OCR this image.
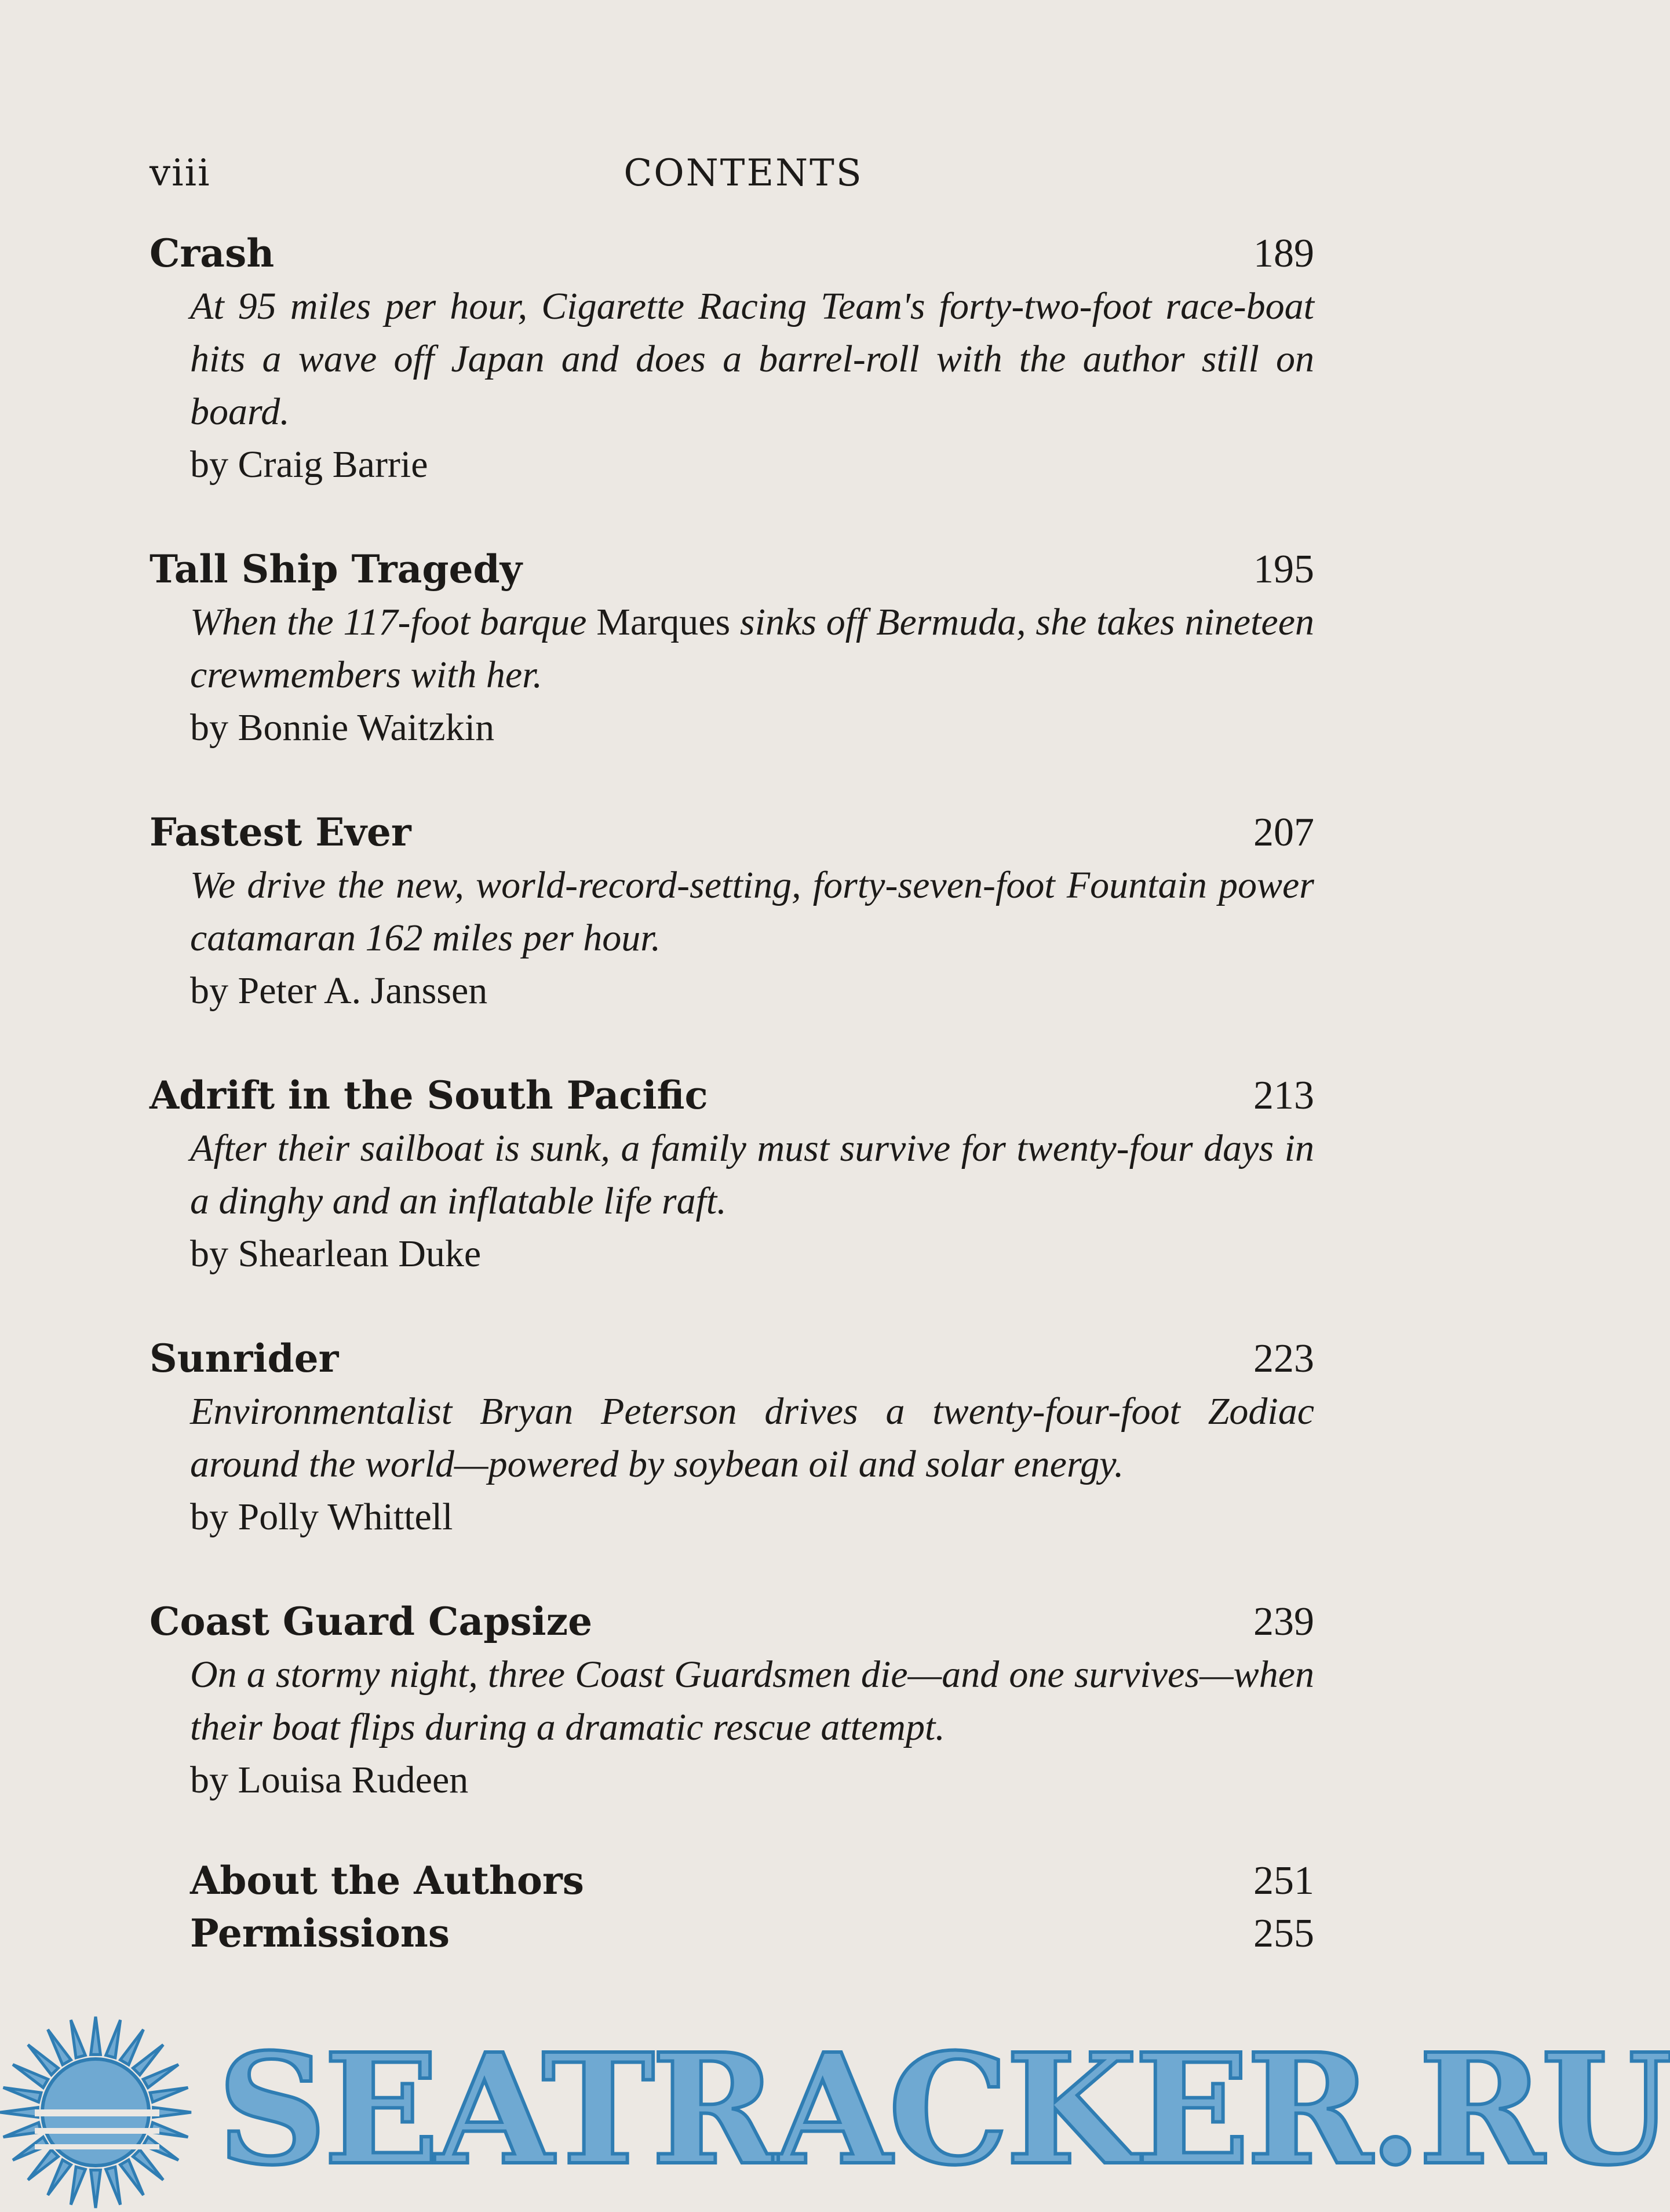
viii	CONTENTS
Crash	189
At 95 miles per hour, Cigarette Racing Team's forty-two-foot race-boat hits a wave off Japan and does a barrel-roll with the author still on board.
by Craig Barrie
Tall Ship Tragedy	195
When the 117-foot barque Marques sinks off Bermuda, she takes nineteen crewmembers with her.
by Bonnie Waitzkin
Fastest Ever	207
We drive the new, world-record-setting, forty-seven-foot Fountain power catamaran 162 miles per hour.
by Peter A. Janssen
Adrift in the South Pacific	213
After their sailboat is sunk, a family must survive for twenty-four days in a dinghy and an inflatable life raft.
by Shearlean Duke
Sunrider	223
Environmentalist Bryan Peterson drives a twenty-four-foot Zodiac around the world—powered by soybean oil and solar energy.
by Polly Whittell
Coast Guard Capsize	239
On a stormy night, three Coast Guardsmen die—and one survives—when their boat flips during a dramatic rescue attempt.
by Louisa Rudeen
About the Authors	251
Permissions	255
SEATRACKER.RU
